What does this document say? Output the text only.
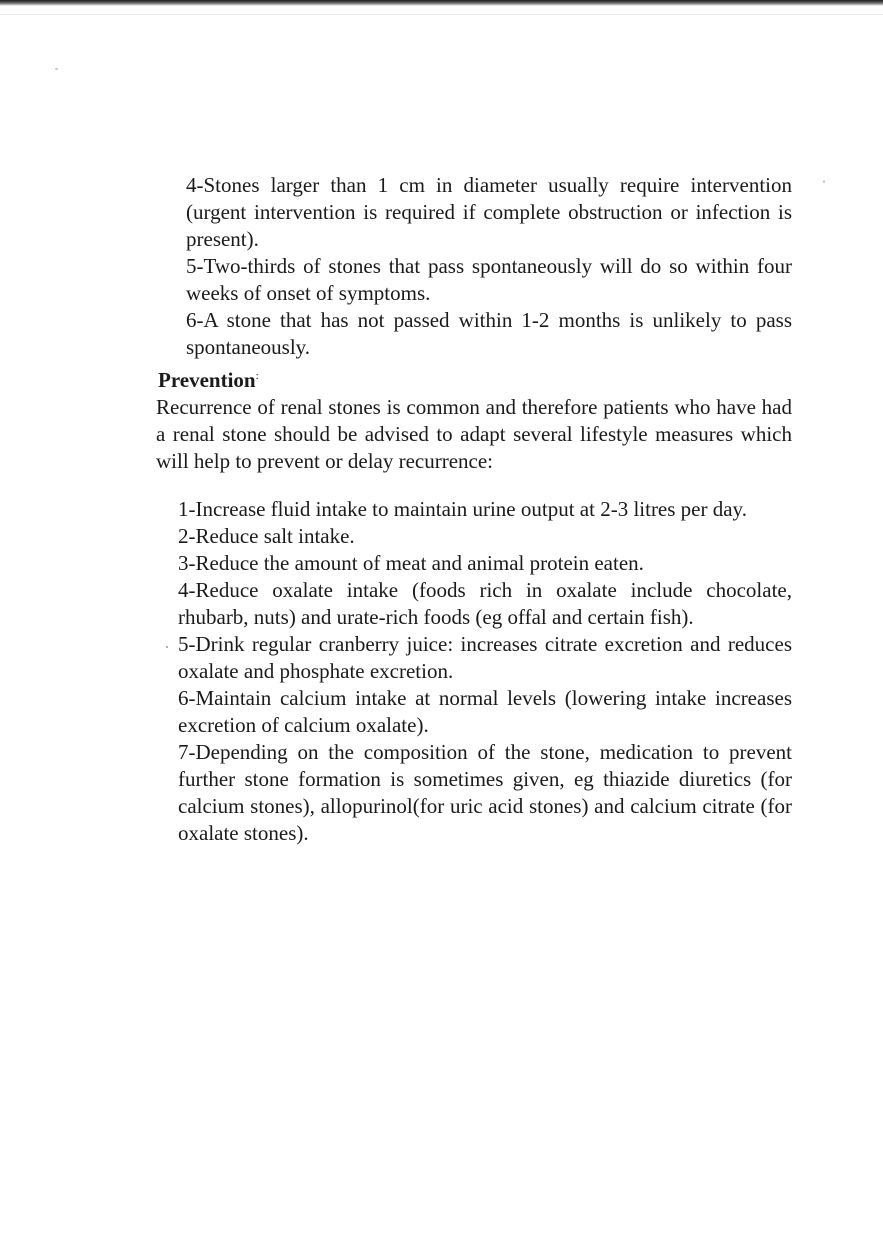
4-Stones larger than 1 cm in diameter usually require intervention (urgent intervention is required if complete obstruction or infection is present).

5-Two-thirds of stones that pass spontaneously will do so within four weeks of onset of symptoms.

6-A stone that has not passed within 1-2 months is unlikely to pass spontaneously.

Prevention:

Recurrence of renal stones is common and therefore patients who have had a renal stone should be advised to adapt several lifestyle measures which will help to prevent or delay recurrence:

1-Increase fluid intake to maintain urine output at 2-3 litres per day.

2-Reduce salt intake.

3-Reduce the amount of meat and animal protein eaten.

4-Reduce oxalate intake (foods rich in oxalate include chocolate, rhubarb, nuts) and urate-rich foods (eg offal and certain fish).

5-Drink regular cranberry juice: increases citrate excretion and reduces oxalate and phosphate excretion.

6-Maintain calcium intake at normal levels (lowering intake increases excretion of calcium oxalate).

7-Depending on the composition of the stone, medication to prevent further stone formation is sometimes given, eg thiazide diuretics (for calcium stones), allopurinol(for uric acid stones) and calcium citrate (for oxalate stones).
